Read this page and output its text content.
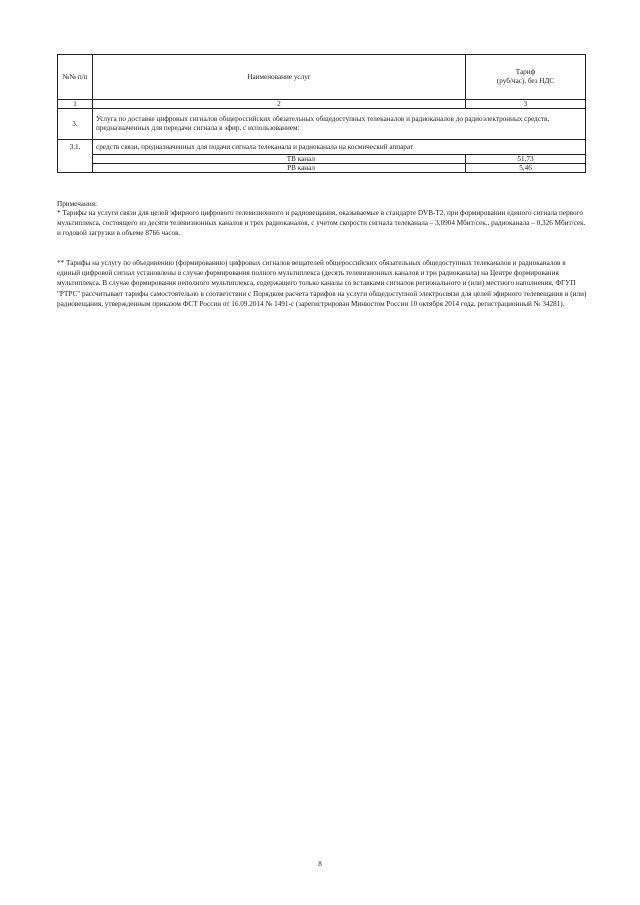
№№ п/п	Наименование услуг	Тариф
(руб/час), без НДС

1	2	3
3.	Услуга по доставке цифровых сигналов общероссийских обязательных общедоступных телеканалов и радиоканалов до радиоэлектронных средств, предназначенных для передачи сигнала в эфир, с использованием:	
3.1.	средств связи, предназначенных для подачи сигнала телеканала и радиоканала на космический аппарат	
	ТВ канал	51,73
	РВ канал	5,46

Примечания:

* Тарифы на услуги связи для целей эфирного цифрового телевизионного и радиовещания, оказываемые в стандарте DVB-T2, при формировании единого сигнала первого мультиплекса, состоящего из десяти телевизионных каналов и трех радиоканалов, с учетом скорости сигнала телеканала – 3,0904 Мбит/сек., радиоканала – 0,326 Мбит/сек. и годовой загрузки в объеме 8766 часов.

** Тарифы на услугу по объединению (формированию) цифровых сигналов вещателей общероссийских обязательных общедоступных телеканалов и радиоканалов в единый цифровой сигнал установлены в случае формирования полного мультиплекса (десять телевизионных каналов и три радиоканала) на Центре формирования мультиплекса. В случае формирования неполного мультиплекса, содержащего только каналы со вставками сигналов регионального и (или) местного наполнения, ФГУП "РТРС" рассчитывает тарифы самостоятельно в соответствии с Порядком расчета тарифов на услуги общедоступной электросвязи для целей эфирного телевещания и (или) радиовещания, утвержденным приказом ФСТ России от 16.09.2014 № 1491-с (зарегистрирован Минюстом России 10 октября 2014 года, регистрационный № 34281).

8
